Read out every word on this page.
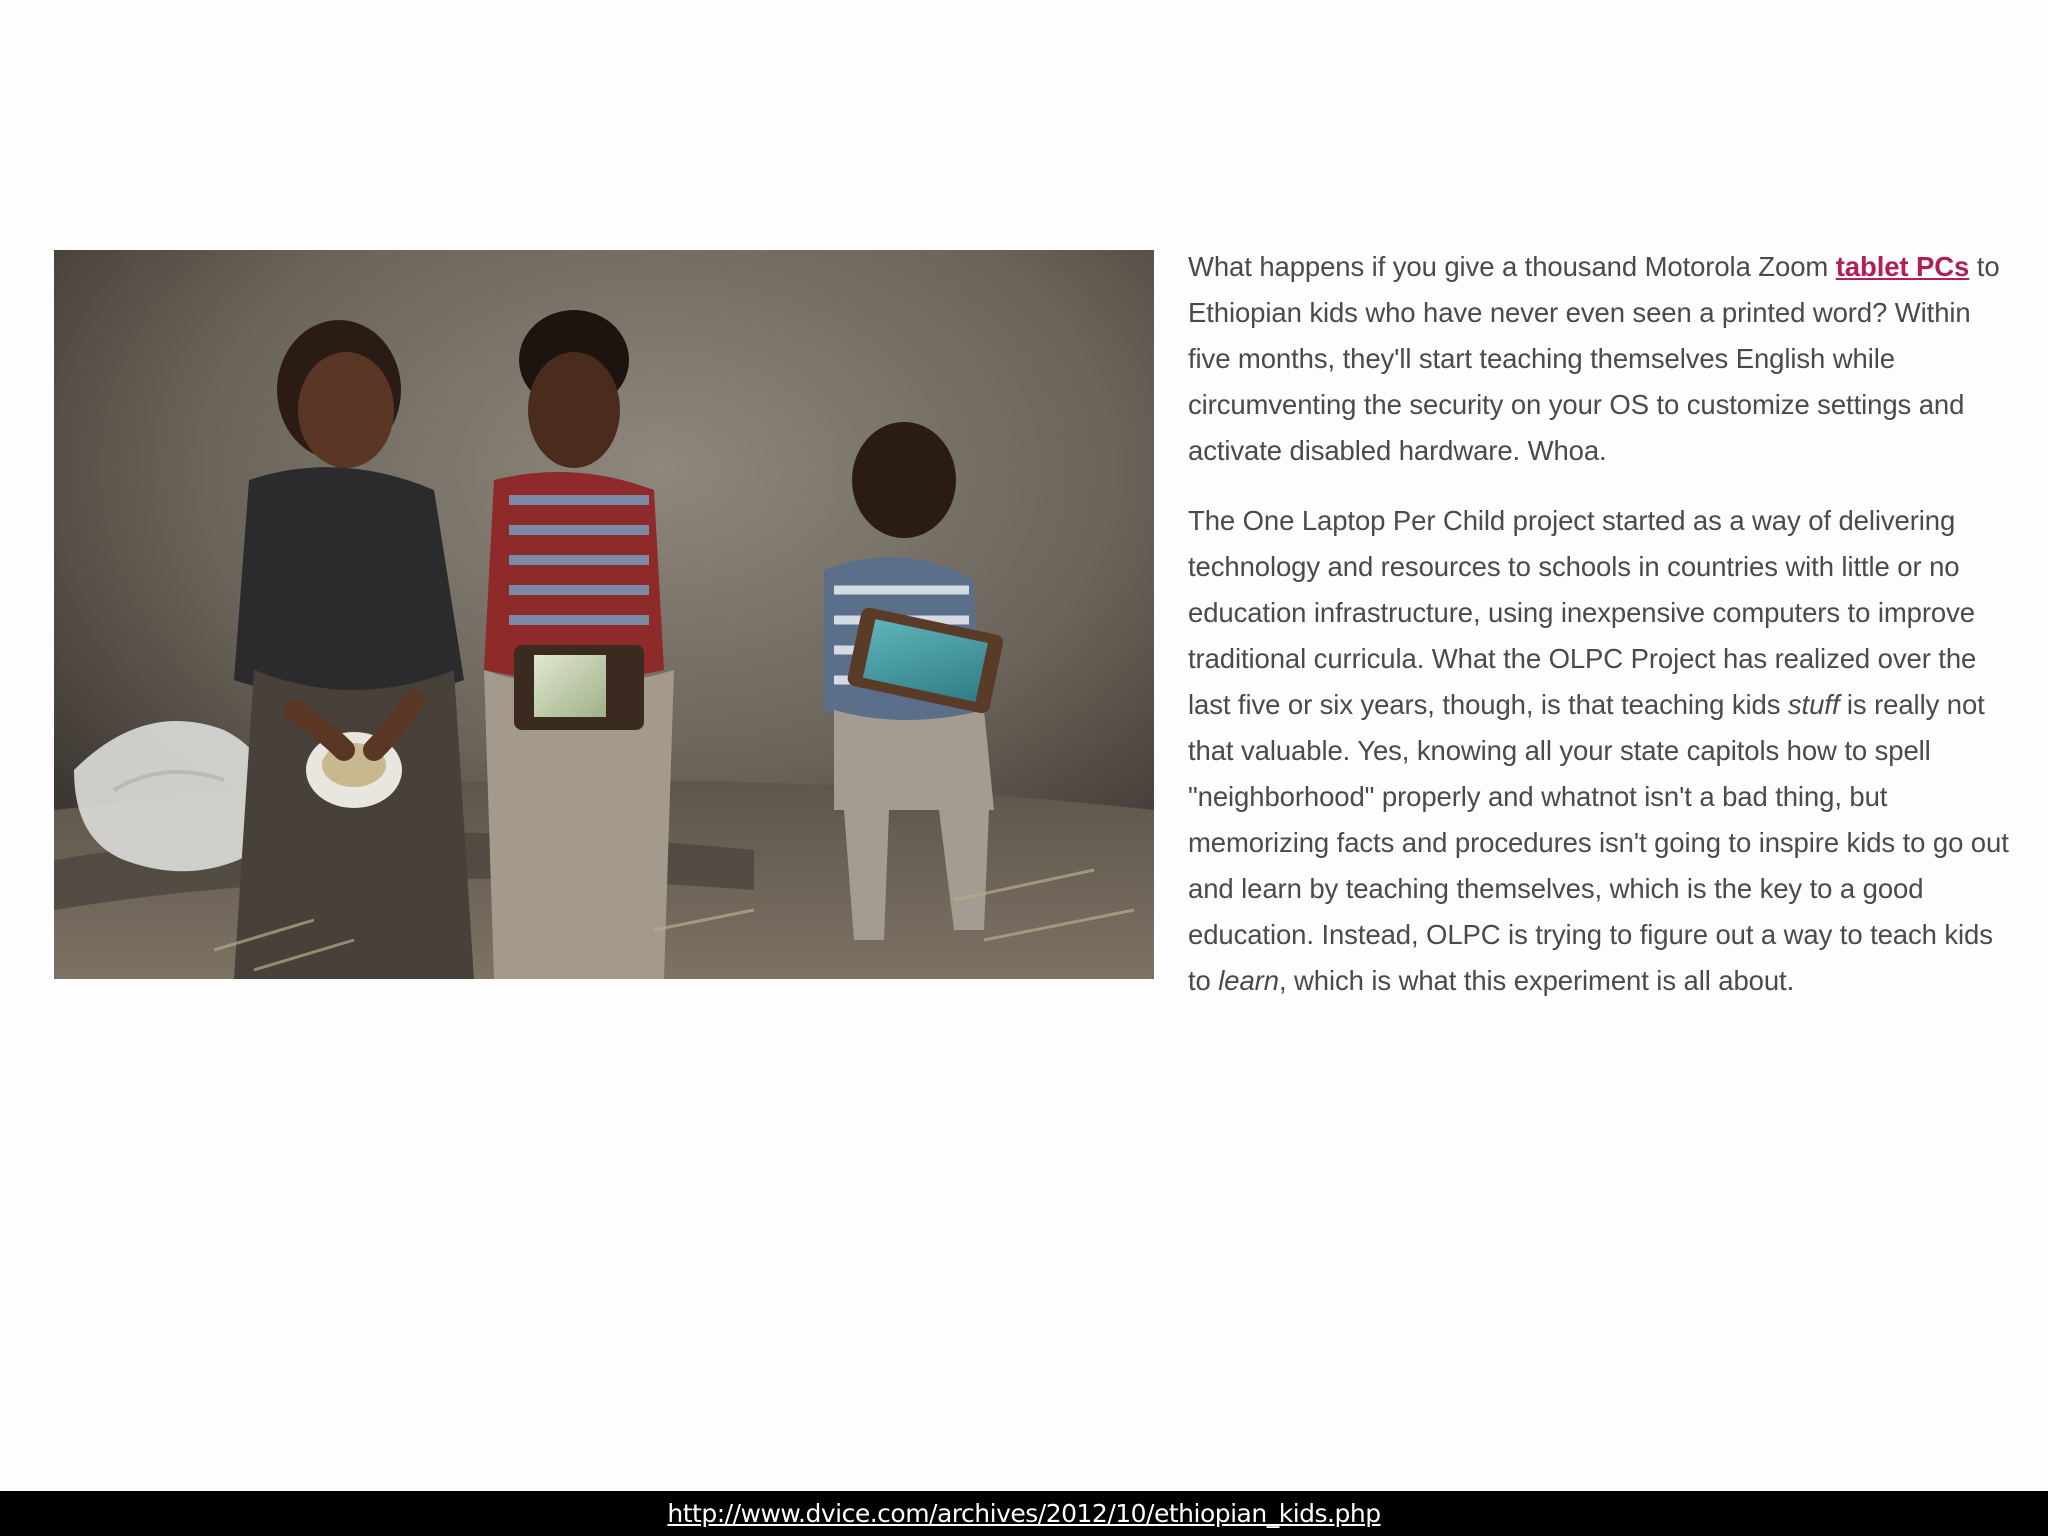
What happens if you give a thousand Motorola Zoom tablet PCs to Ethiopian kids who have never even seen a printed word? Within five months, they'll start teaching themselves English while circumventing the security on your OS to customize settings and activate disabled hardware. Whoa.

The One Laptop Per Child project started as a way of delivering technology and resources to schools in countries with little or no education infrastructure, using inexpensive computers to improve traditional curricula. What the OLPC Project has realized over the last five or six years, though, is that teaching kids stuff is really not that valuable. Yes, knowing all your state capitols how to spell "neighborhood" properly and whatnot isn't a bad thing, but memorizing facts and procedures isn't going to inspire kids to go out and learn by teaching themselves, which is the key to a good education. Instead, OLPC is trying to figure out a way to teach kids to learn, which is what this experiment is all about.

http://www.dvice.com/archives/2012/10/ethiopian_kids.php
